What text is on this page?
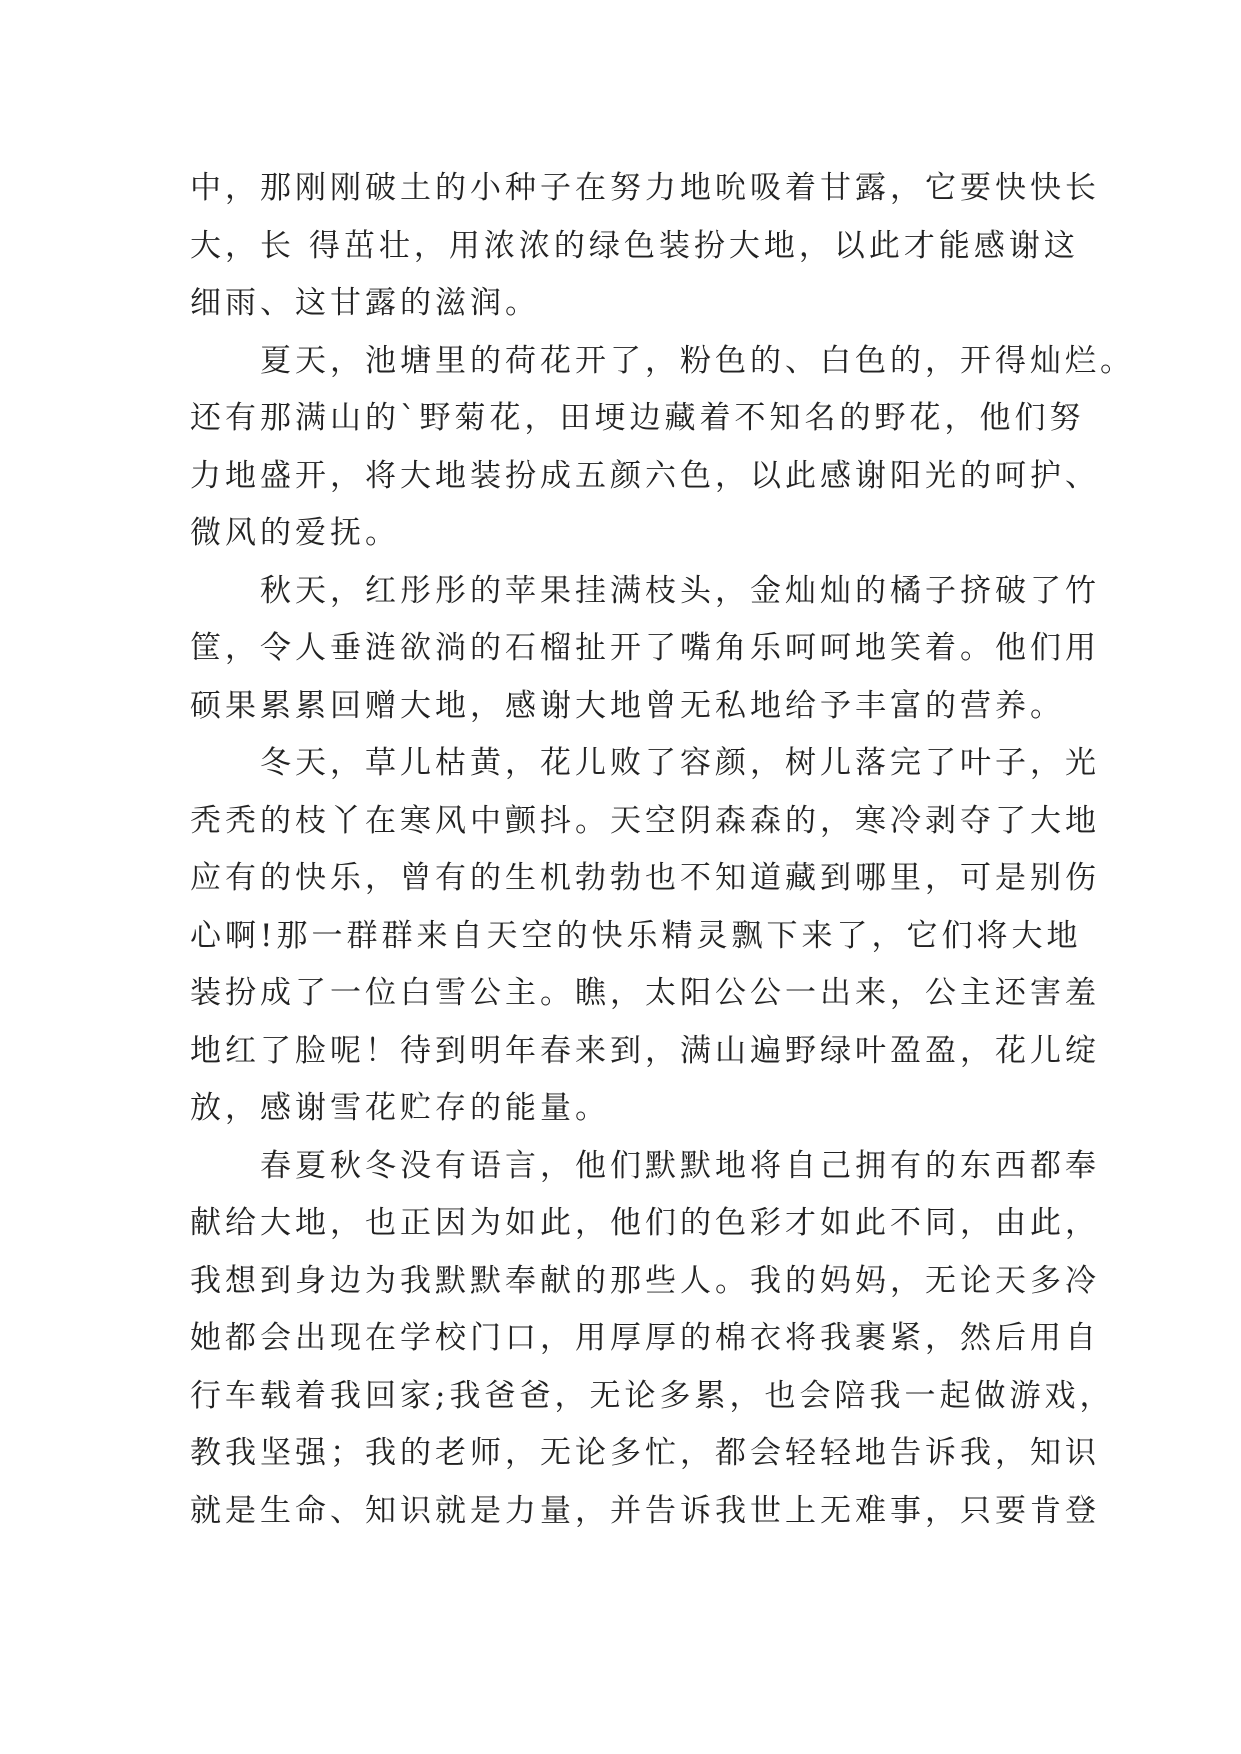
中，那刚刚破土的小种子在努力地吮吸着甘露，它要快快长
大，长 得茁壮，用浓浓的绿色装扮大地，以此才能感谢这
细雨、这甘露的滋润。
　　夏天，池塘里的荷花开了，粉色的、白色的，开得灿烂。
还有那满山的`野菊花，田埂边藏着不知名的野花，他们努
力地盛开，将大地装扮成五颜六色，以此感谢阳光的呵护、
微风的爱抚。
　　秋天，红彤彤的苹果挂满枝头，金灿灿的橘子挤破了竹
筐，令人垂涟欲淌的石榴扯开了嘴角乐呵呵地笑着。他们用
硕果累累回赠大地，感谢大地曾无私地给予丰富的营养。
　　冬天，草儿枯黄，花儿败了容颜，树儿落完了叶子，光
秃秃的枝丫在寒风中颤抖。天空阴森森的，寒冷剥夺了大地
应有的快乐，曾有的生机勃勃也不知道藏到哪里，可是别伤
心啊!那一群群来自天空的快乐精灵飘下来了，它们将大地
装扮成了一位白雪公主。瞧，太阳公公一出来，公主还害羞
地红了脸呢！待到明年春来到，满山遍野绿叶盈盈，花儿绽
放，感谢雪花贮存的能量。
　　春夏秋冬没有语言，他们默默地将自己拥有的东西都奉
献给大地，也正因为如此，他们的色彩才如此不同，由此，
我想到身边为我默默奉献的那些人。我的妈妈，无论天多冷
她都会出现在学校门口，用厚厚的棉衣将我裹紧，然后用自
行车载着我回家;我爸爸，无论多累，也会陪我一起做游戏，
教我坚强；我的老师，无论多忙，都会轻轻地告诉我，知识
就是生命、知识就是力量，并告诉我世上无难事，只要肯登
